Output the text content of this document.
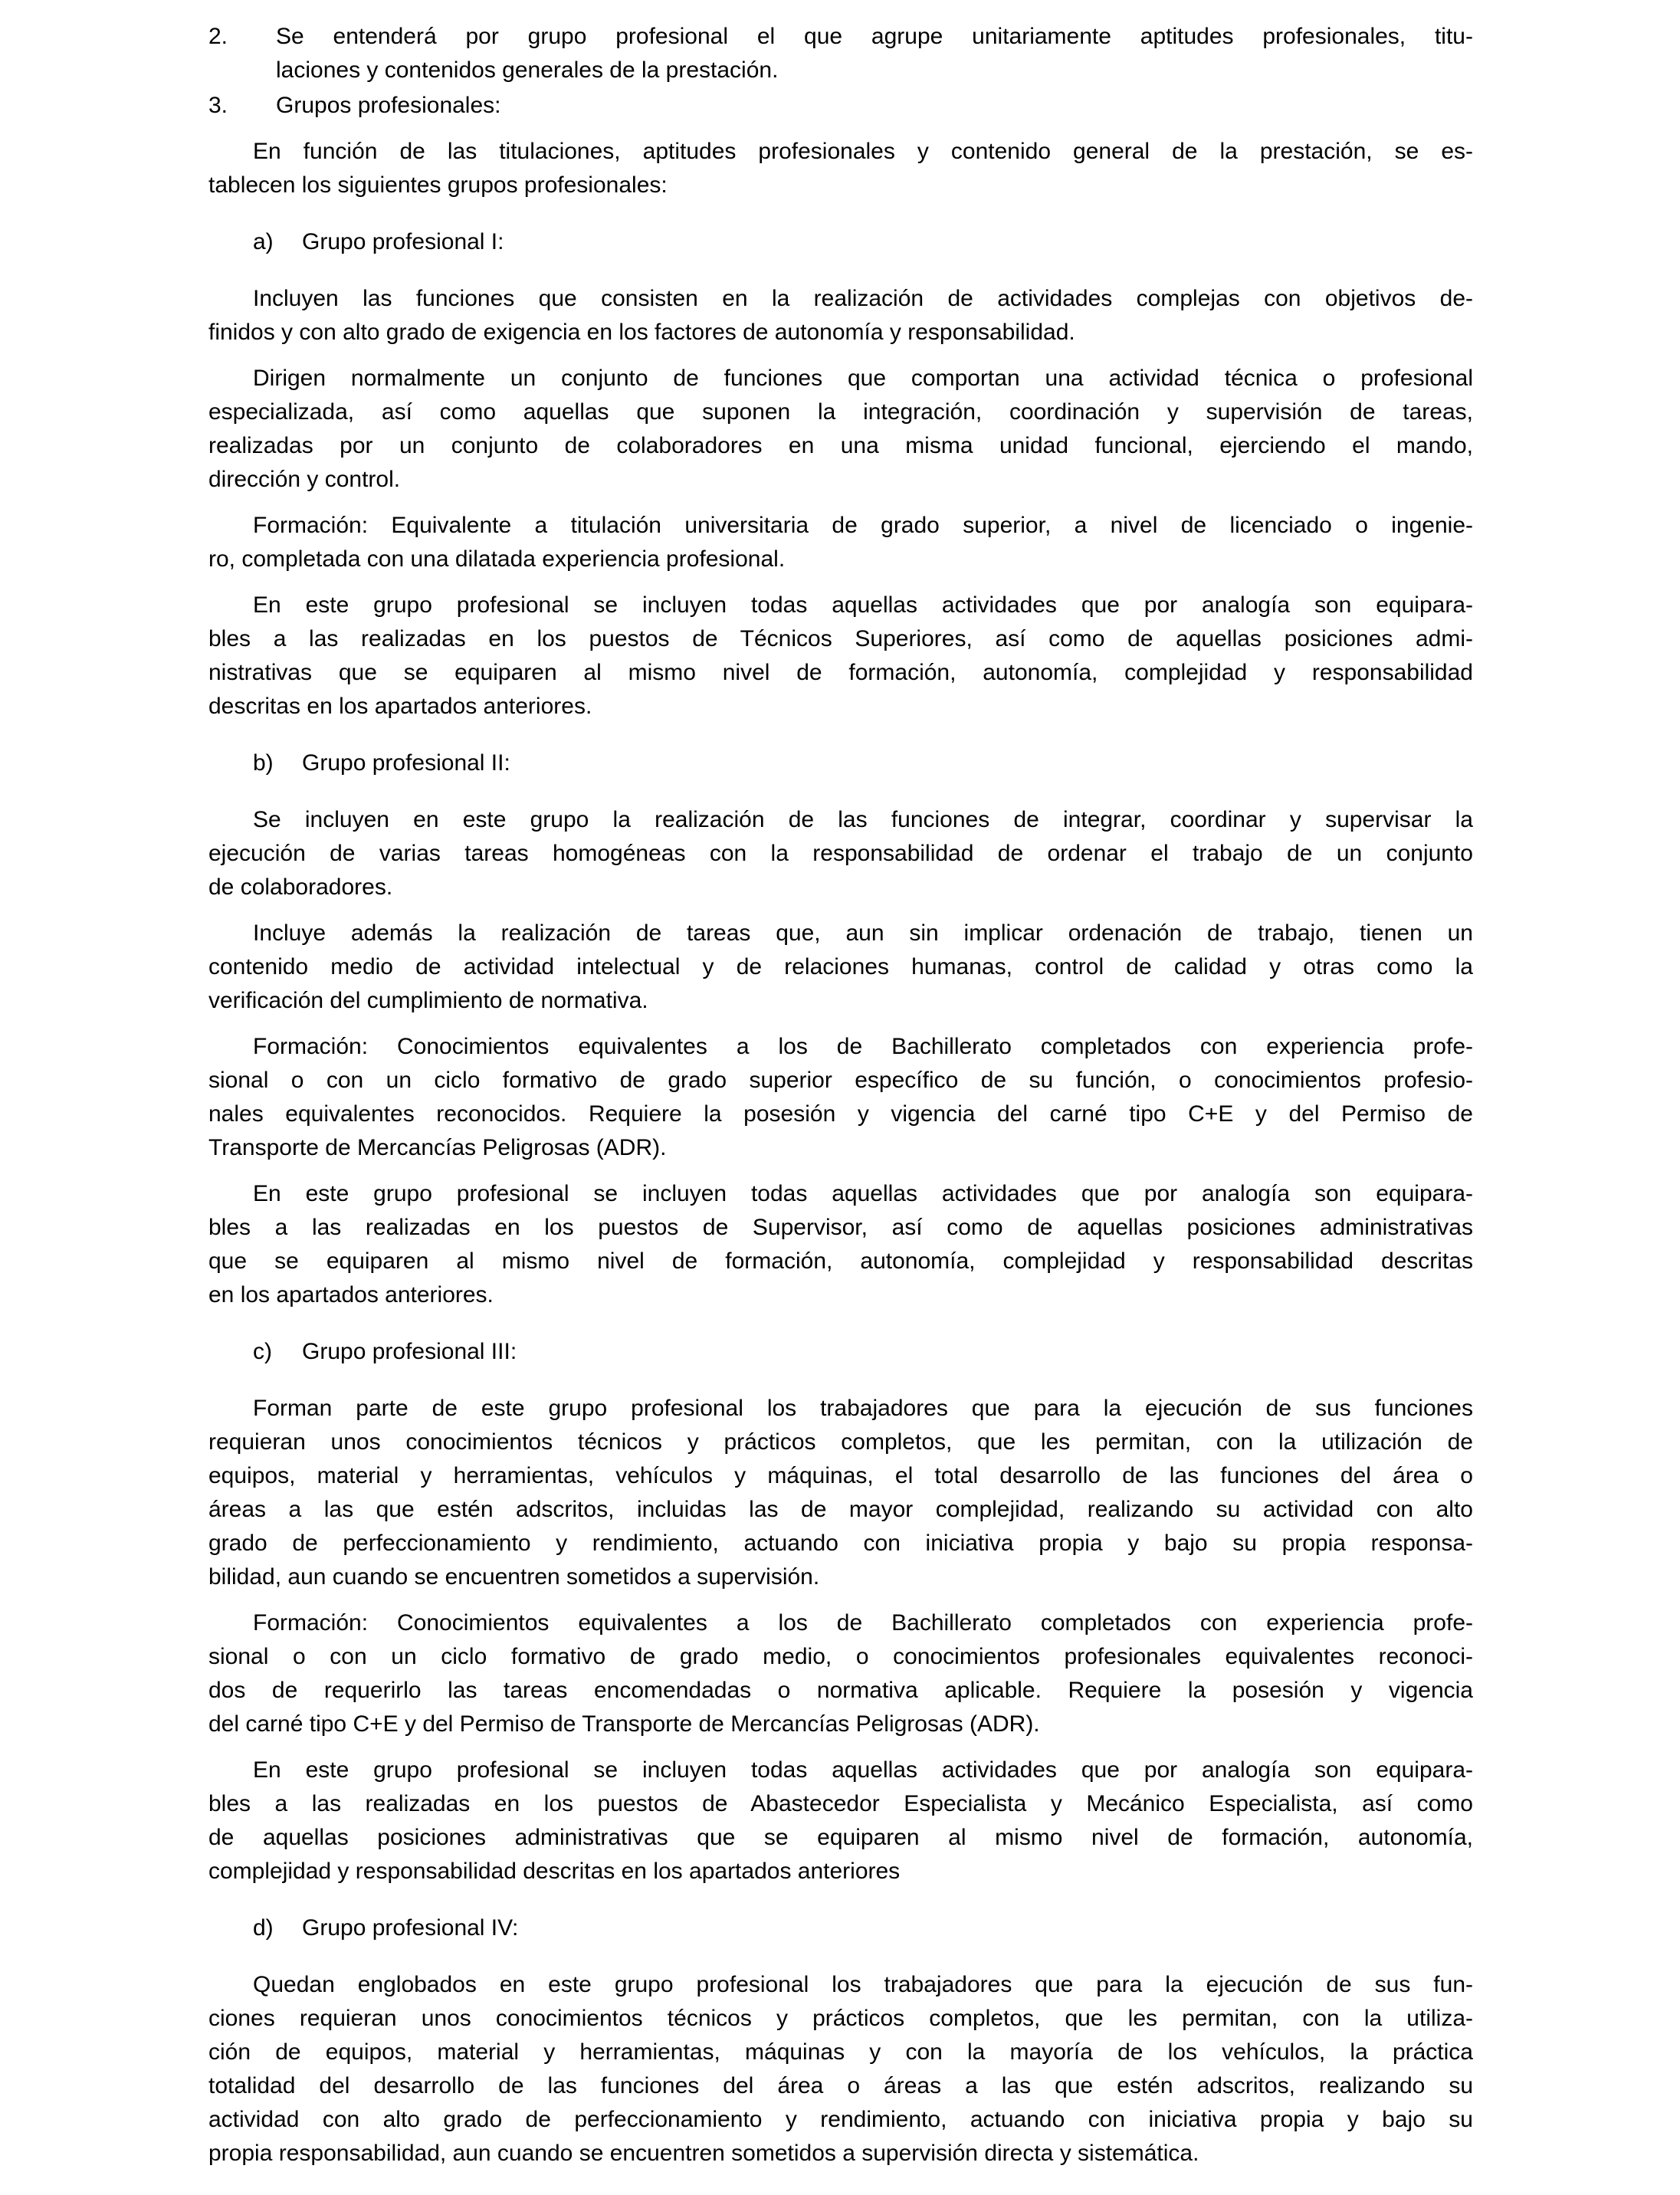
2. Se entenderá por grupo profesional el que agrupe unitariamente aptitudes profesionales, titu-
laciones y contenidos generales de la prestación.
3. Grupos profesionales:
En función de las titulaciones, aptitudes profesionales y contenido general de la prestación, se es-
tablecen los siguientes grupos profesionales:
a) Grupo profesional I:
Incluyen las funciones que consisten en la realización de actividades complejas con objetivos de-
finidos y con alto grado de exigencia en los factores de autonomía y responsabilidad.
Dirigen normalmente un conjunto de funciones que comportan una actividad técnica o profesional
especializada, así como aquellas que suponen la integración, coordinación y supervisión de tareas,
realizadas por un conjunto de colaboradores en una misma unidad funcional, ejerciendo el mando,
dirección y control.
Formación: Equivalente a titulación universitaria de grado superior, a nivel de licenciado o ingenie-
ro, completada con una dilatada experiencia profesional.
En este grupo profesional se incluyen todas aquellas actividades que por analogía son equipara-
bles a las realizadas en los puestos de Técnicos Superiores, así como de aquellas posiciones admi-
nistrativas que se equiparen al mismo nivel de formación, autonomía, complejidad y responsabilidad
descritas en los apartados anteriores.
b) Grupo profesional II:
Se incluyen en este grupo la realización de las funciones de integrar, coordinar y supervisar la
ejecución de varias tareas homogéneas con la responsabilidad de ordenar el trabajo de un conjunto
de colaboradores.
Incluye además la realización de tareas que, aun sin implicar ordenación de trabajo, tienen un
contenido medio de actividad intelectual y de relaciones humanas, control de calidad y otras como la
verificación del cumplimiento de normativa.
Formación: Conocimientos equivalentes a los de Bachillerato completados con experiencia profe-
sional o con un ciclo formativo de grado superior específico de su función, o conocimientos profesio-
nales equivalentes reconocidos. Requiere la posesión y vigencia del carné tipo C+E y del Permiso de
Transporte de Mercancías Peligrosas (ADR).
En este grupo profesional se incluyen todas aquellas actividades que por analogía son equipara-
bles a las realizadas en los puestos de Supervisor, así como de aquellas posiciones administrativas
que se equiparen al mismo nivel de formación, autonomía, complejidad y responsabilidad descritas
en los apartados anteriores.
c) Grupo profesional III:
Forman parte de este grupo profesional los trabajadores que para la ejecución de sus funciones
requieran unos conocimientos técnicos y prácticos completos, que les permitan, con la utilización de
equipos, material y herramientas, vehículos y máquinas, el total desarrollo de las funciones del área o
áreas a las que estén adscritos, incluidas las de mayor complejidad, realizando su actividad con alto
grado de perfeccionamiento y rendimiento, actuando con iniciativa propia y bajo su propia responsa-
bilidad, aun cuando se encuentren sometidos a supervisión.
Formación: Conocimientos equivalentes a los de Bachillerato completados con experiencia profe-
sional o con un ciclo formativo de grado medio, o conocimientos profesionales equivalentes reconoci-
dos de requerirlo las tareas encomendadas o normativa aplicable. Requiere la posesión y vigencia
del carné tipo C+E y del Permiso de Transporte de Mercancías Peligrosas (ADR).
En este grupo profesional se incluyen todas aquellas actividades que por analogía son equipara-
bles a las realizadas en los puestos de Abastecedor Especialista y Mecánico Especialista, así como
de aquellas posiciones administrativas que se equiparen al mismo nivel de formación, autonomía,
complejidad y responsabilidad descritas en los apartados anteriores
d) Grupo profesional IV:
Quedan englobados en este grupo profesional los trabajadores que para la ejecución de sus fun-
ciones requieran unos conocimientos técnicos y prácticos completos, que les permitan, con la utiliza-
ción de equipos, material y herramientas, máquinas y con la mayoría de los vehículos, la práctica
totalidad del desarrollo de las funciones del área o áreas a las que estén adscritos, realizando su
actividad con alto grado de perfeccionamiento y rendimiento, actuando con iniciativa propia y bajo su
propia responsabilidad, aun cuando se encuentren sometidos a supervisión directa y sistemática.
